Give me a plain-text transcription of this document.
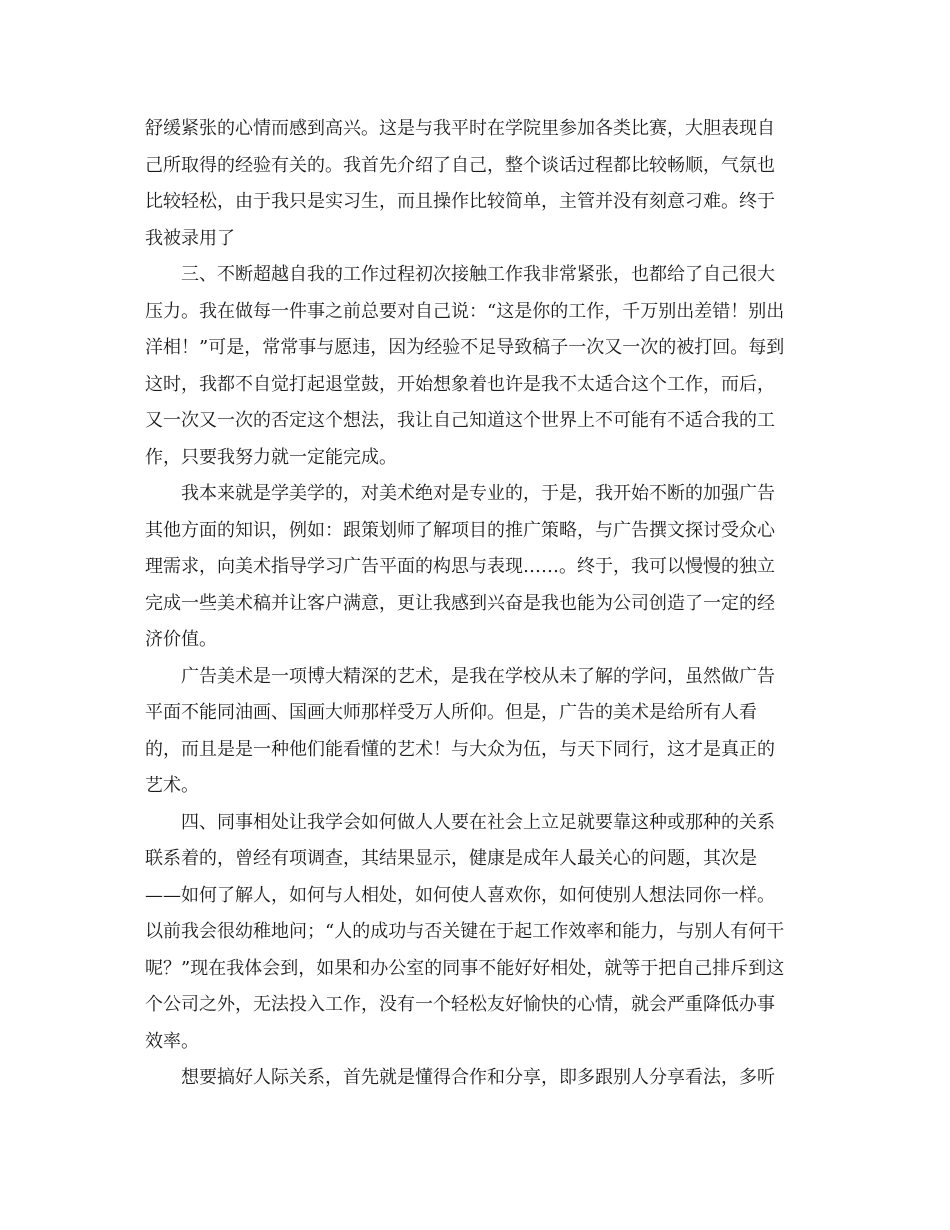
舒缓紧张的心情而感到高兴。这是与我平时在学院里参加各类比赛，大胆表现自
己所取得的经验有关的。我首先介绍了自己，整个谈话过程都比较畅顺，气氛也
比较轻松，由于我只是实习生，而且操作比较简单，主管并没有刻意刁难。终于
我被录用了
三、不断超越自我的工作过程初次接触工作我非常紧张，也都给了自己很大
压力。我在做每一件事之前总要对自己说：“这是你的工作，千万别出差错！别出
洋相！”可是，常常事与愿违，因为经验不足导致稿子一次又一次的被打回。每到
这时，我都不自觉打起退堂鼓，开始想象着也许是我不太适合这个工作，而后，
又一次又一次的否定这个想法，我让自己知道这个世界上不可能有不适合我的工
作，只要我努力就一定能完成。
我本来就是学美学的，对美术绝对是专业的，于是，我开始不断的加强广告
其他方面的知识，例如：跟策划师了解项目的推广策略，与广告撰文探讨受众心
理需求，向美术指导学习广告平面的构思与表现……。终于，我可以慢慢的独立
完成一些美术稿并让客户满意，更让我感到兴奋是我也能为公司创造了一定的经
济价值。
广告美术是一项博大精深的艺术，是我在学校从未了解的学问，虽然做广告
平面不能同油画、国画大师那样受万人所仰。但是，广告的美术是给所有人看
的，而且是是一种他们能看懂的艺术！与大众为伍，与天下同行，这才是真正的
艺术。
四、同事相处让我学会如何做人人要在社会上立足就要靠这种或那种的关系
联系着的，曾经有项调查，其结果显示，健康是成年人最关心的问题，其次是
——如何了解人，如何与人相处，如何使人喜欢你，如何使别人想法同你一样。
以前我会很幼稚地问；“人的成功与否关键在于起工作效率和能力，与别人有何干
呢？”现在我体会到，如果和办公室的同事不能好好相处，就等于把自己排斥到这
个公司之外，无法投入工作，没有一个轻松友好愉快的心情，就会严重降低办事
效率。
想要搞好人际关系，首先就是懂得合作和分享，即多跟别人分享看法，多听
